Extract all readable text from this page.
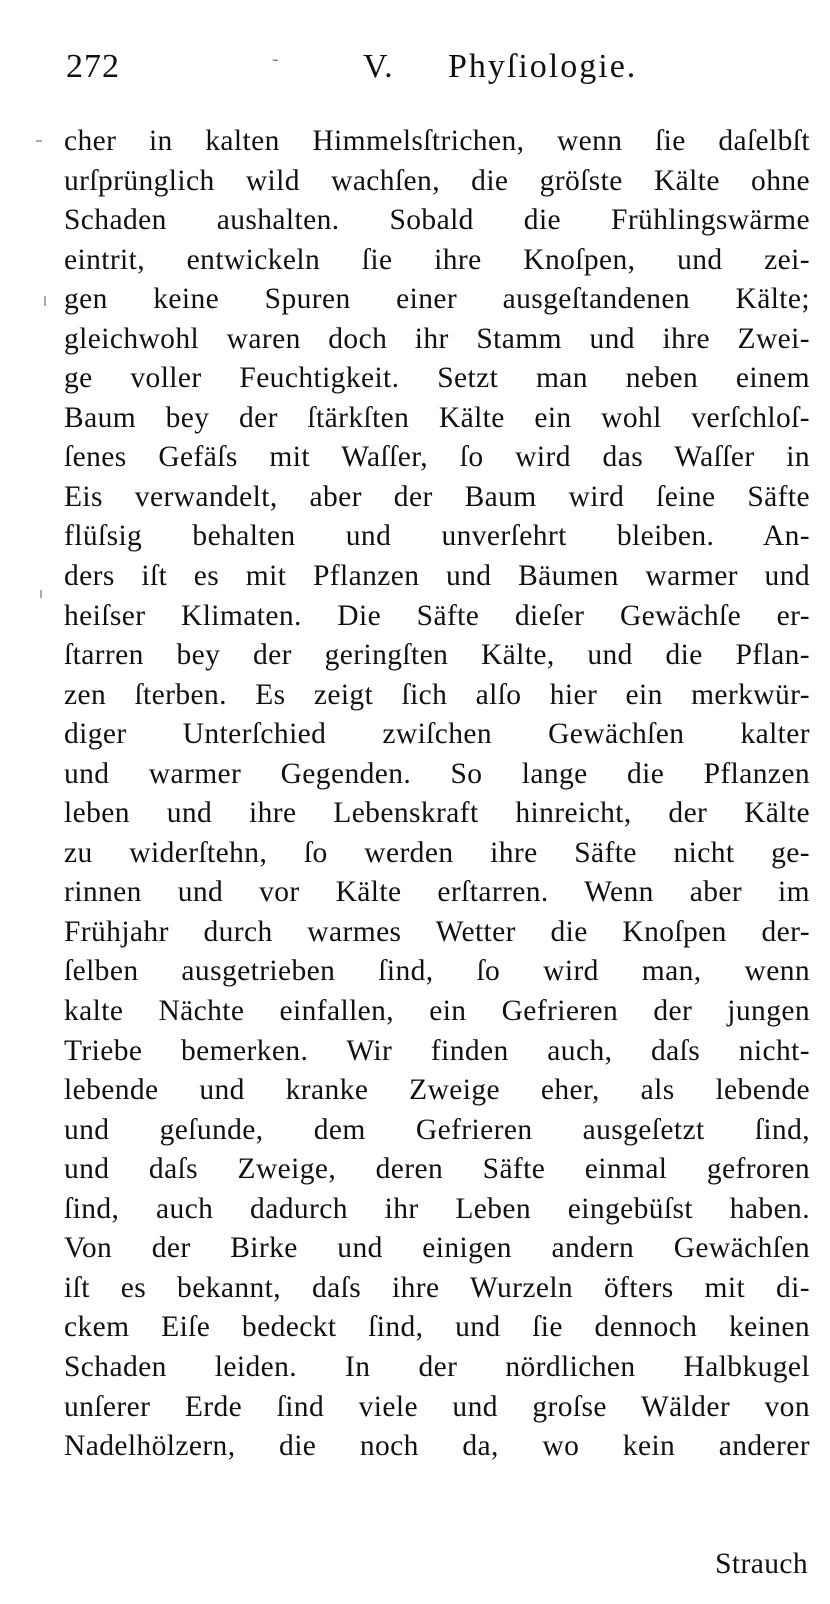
272	- V. Phyſiologie.
cher in kalten Himmelsſtrichen, wenn ſie daſelbſt
urſprünglich wild wachſen, die gröſste Kälte ohne
Schaden aushalten. Sobald die Frühlingswärme
eintrit, entwickeln ſie ihre Knoſpen, und zei-
gen keine Spuren einer ausgeſtandenen Kälte;
gleichwohl waren doch ihr Stamm und ihre Zwei-
ge voller Feuchtigkeit. Setzt man neben einem
Baum bey der ſtärkſten Kälte ein wohl verſchloſ-
ſenes Gefäſs mit Waſſer, ſo wird das Waſſer in
Eis verwandelt, aber der Baum wird ſeine Säfte
flüſsig behalten und unverſehrt bleiben. An-
ders iſt es mit Pflanzen und Bäumen warmer und
heiſser Klimaten. Die Säfte dieſer Gewächſe er-
ſtarren bey der geringſten Kälte, und die Pflan-
zen ſterben. Es zeigt ſich alſo hier ein merkwür-
diger Unterſchied zwiſchen Gewächſen kalter
und warmer Gegenden. So lange die Pflanzen
leben und ihre Lebenskraft hinreicht, der Kälte
zu widerſtehn, ſo werden ihre Säfte nicht ge-
rinnen und vor Kälte erſtarren. Wenn aber im
Frühjahr durch warmes Wetter die Knoſpen der-
ſelben ausgetrieben ſind, ſo wird man, wenn
kalte Nächte einfallen, ein Gefrieren der jungen
Triebe bemerken. Wir finden auch, daſs nicht-
lebende und kranke Zweige eher, als lebende
und geſunde, dem Gefrieren ausgeſetzt ſind,
und daſs Zweige, deren Säfte einmal gefroren
ſind, auch dadurch ihr Leben eingebüſst haben.
Von der Birke und einigen andern Gewächſen
iſt es bekannt, daſs ihre Wurzeln öfters mit di-
ckem Eiſe bedeckt ſind, und ſie dennoch keinen
Schaden leiden. In der nördlichen Halbkugel
unſerer Erde ſind viele und groſse Wälder von
Nadelhölzern, die noch da, wo kein anderer
Strauch
